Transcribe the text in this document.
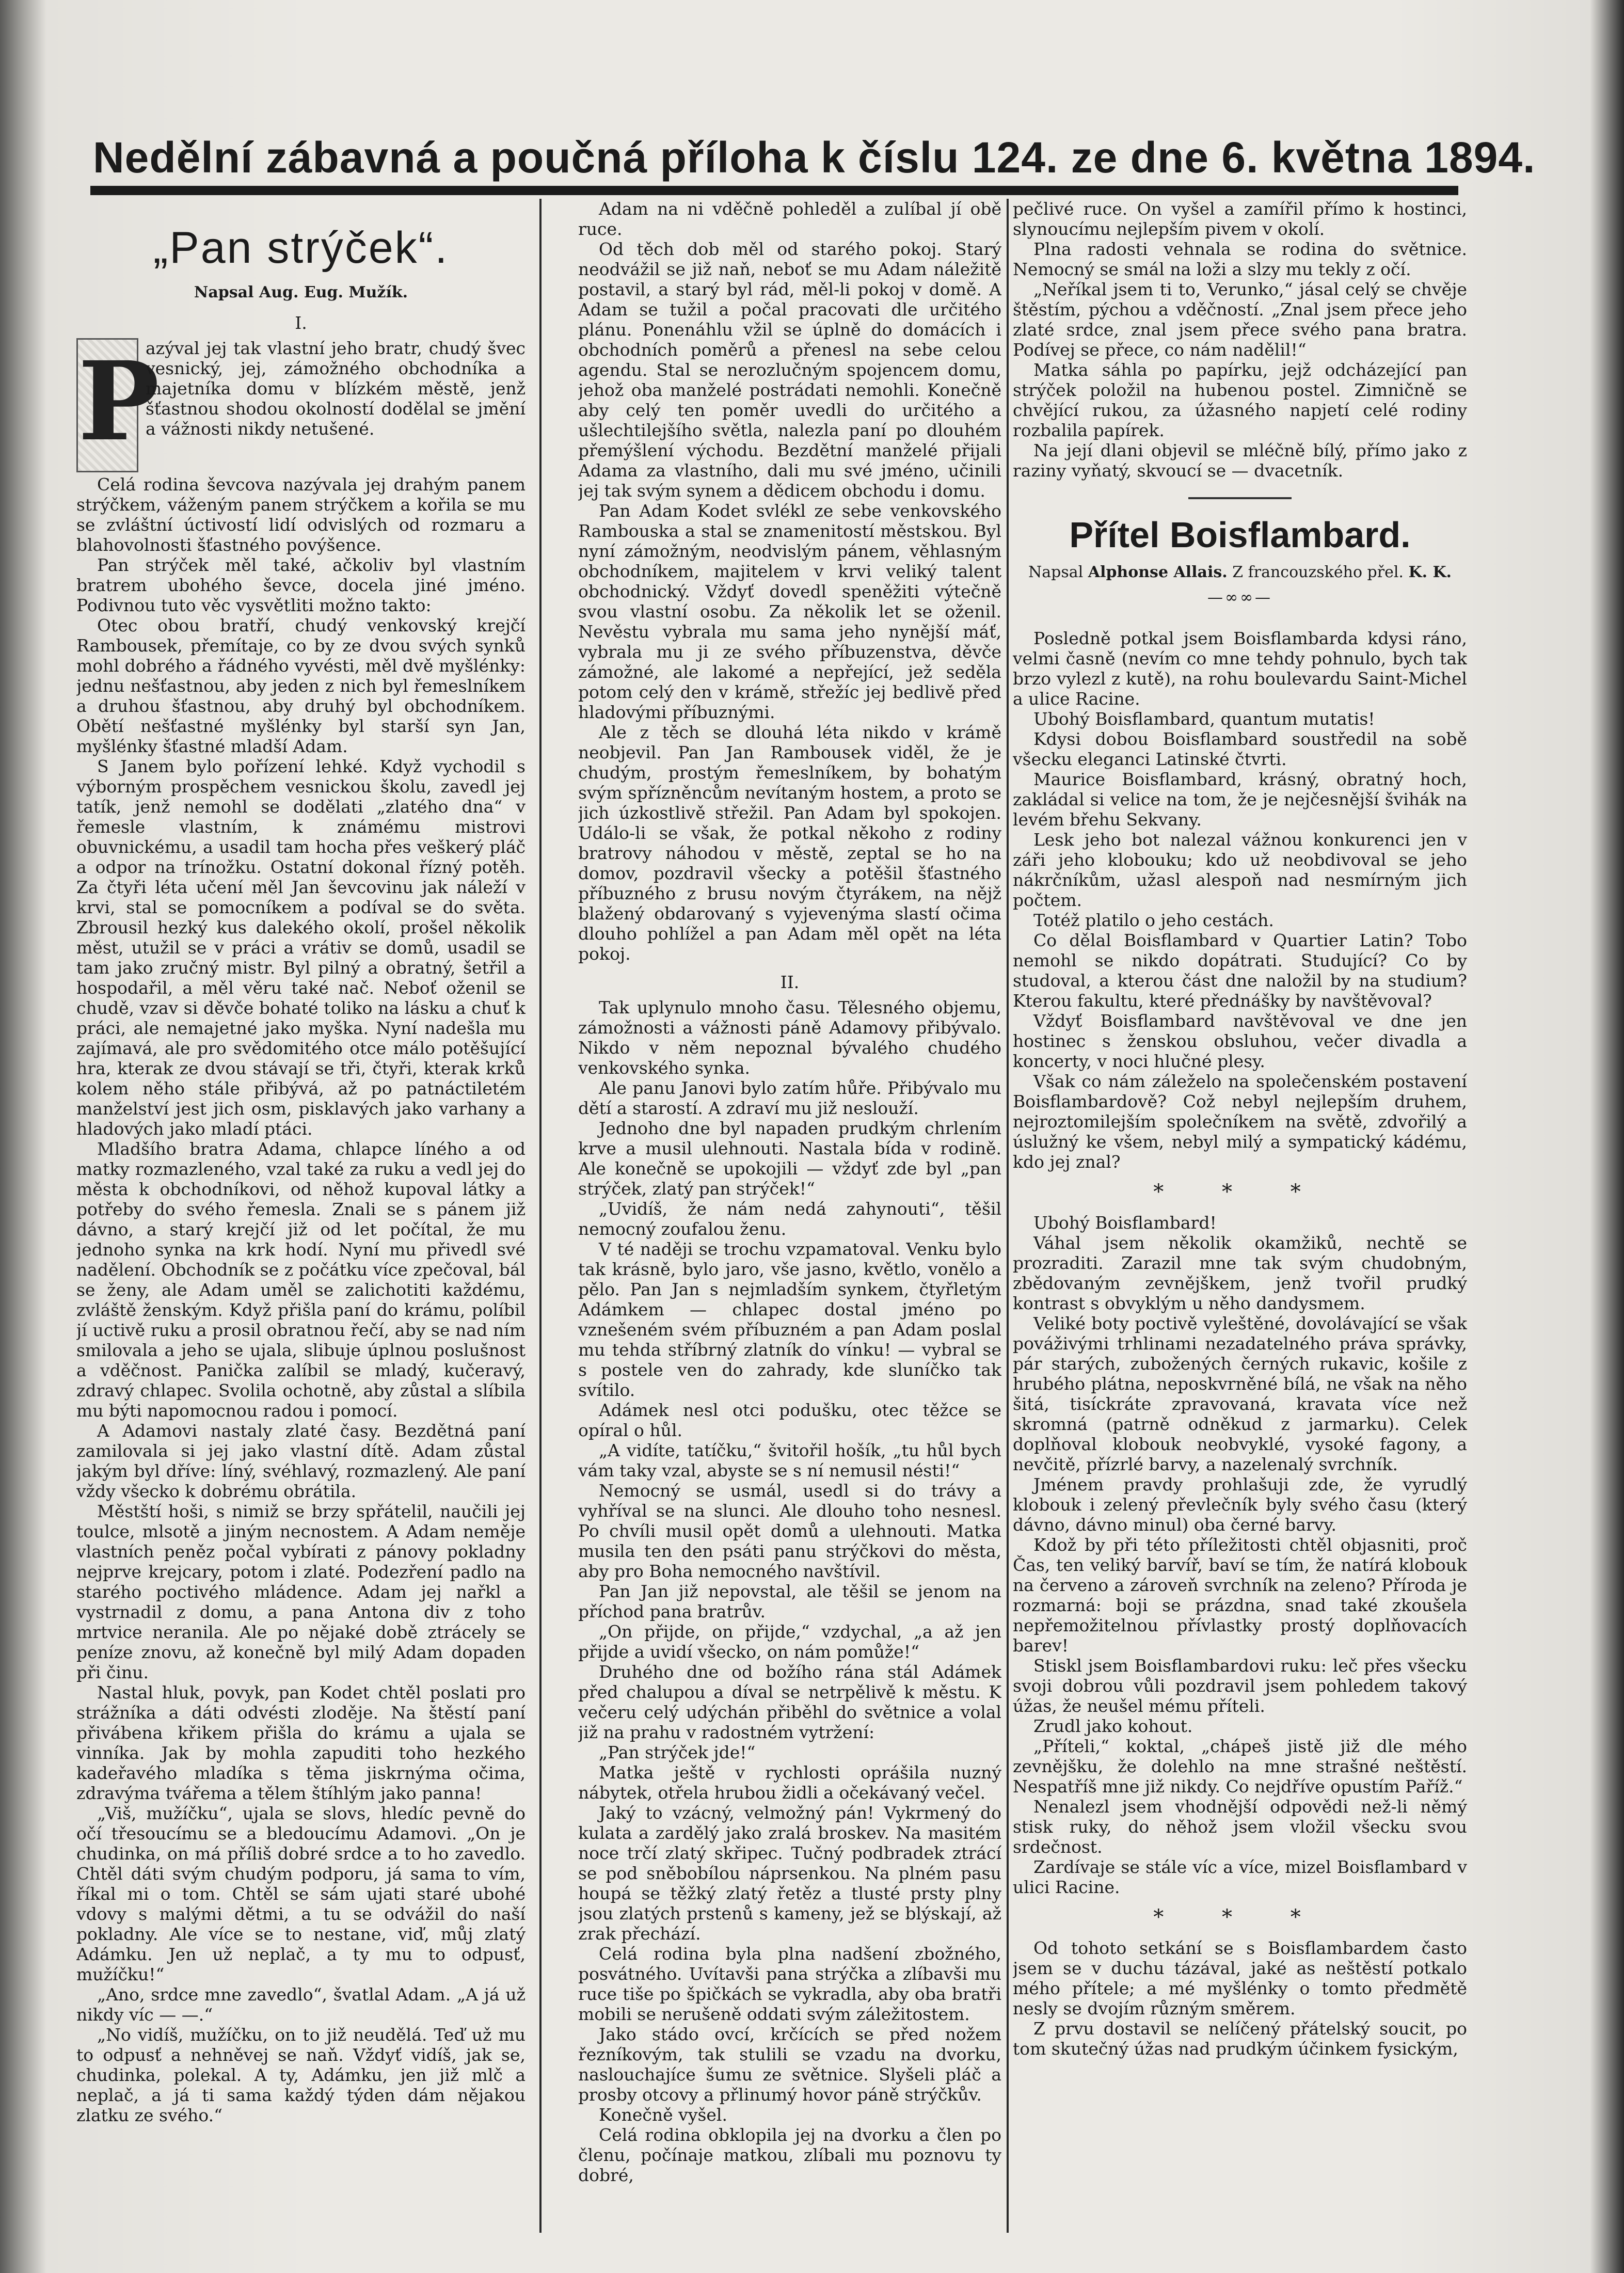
Nedělní zábavná a poučná příloha k číslu 124. ze dne 6. května 1894.
„Pan strýček“.
Napsal Aug. Eug. Mužík.
I.
P
azýval jej tak vlastní jeho bratr, chudý švec vesnický, jej, zámožného obchodníka a majetníka domu v blízkém městě, jenž šťastnou shodou okolností dodělal se jmění a vážnosti nikdy netušené.

Celá rodina ševcova nazývala jej drahým panem strýčkem, váženým panem strýčkem a kořila se mu se zvláštní úctivostí lidí odvislých od rozmaru a blahovolnosti šťastného povýšence.

Pan strýček měl také, ačkoliv byl vlastním bratrem ubohého ševce, docela jiné jméno. Podivnou tuto věc vysvětliti možno takto:

Otec obou bratří, chudý venkovský krejčí Rambousek, přemítaje, co by ze dvou svých synků mohl dobrého a řádného vyvésti, měl dvě myšlénky: jednu nešťastnou, aby jeden z nich byl řemeslníkem a druhou šťastnou, aby druhý byl obchodníkem. Obětí nešťastné myšlénky byl starší syn Jan, myšlénky šťastné mladší Adam.

S Janem bylo pořízení lehké. Když vychodil s výborným prospěchem vesnickou školu, zavedl jej tatík, jenž nemohl se dodělati „zlatého dna“ v řemesle vlastním, k známému mistrovi obuvnickému, a usadil tam hocha přes veškerý pláč a odpor na trínožku. Ostatní dokonal řízný potěh. Za čtyři léta učení měl Jan ševcovinu jak náleží v krvi, stal se pomocníkem a podíval se do světa. Zbrousil hezký kus dalekého okolí, prošel několik měst, utužil se v práci a vrátiv se domů, usadil se tam jako zručný mistr. Byl pilný a obratný, šetřil a hospodařil, a měl věru také nač. Neboť oženil se chudě, vzav si děvče bohaté toliko na lásku a chuť k práci, ale nemajetné jako myška. Nyní nadešla mu zajímavá, ale pro svědomitého otce málo potěšující hra, kterak ze dvou stávají se tři, čtyři, kterak krků kolem něho stále přibývá, až po patnáctiletém manželství jest jich osm, pisklavých jako varhany a hladových jako mladí ptáci.

Mladšího bratra Adama, chlapce líného a od matky rozmazleného, vzal také za ruku a vedl jej do města k obchodníkovi, od něhož kupoval látky a potřeby do svého řemesla. Znali se s pánem již dávno, a starý krejčí již od let počítal, že mu jednoho synka na krk hodí. Nyní mu přivedl své nadělení. Obchodník se z počátku více zpečoval, bál se ženy, ale Adam uměl se zalichotiti každému, zvláště ženským. Když přišla paní do krámu, políbil jí uctivě ruku a prosil obratnou řečí, aby se nad ním smilovala a jeho se ujala, slibuje úplnou poslušnost a vděčnost. Panička zalíbil se mladý, kučeravý, zdravý chlapec. Svolila ochotně, aby zůstal a slíbila mu býti napomocnou radou i pomocí.

A Adamovi nastaly zlaté časy. Bezdětná paní zamilovala si jej jako vlastní dítě. Adam zůstal jakým byl dříve: líný, svéhlavý, rozmazlený. Ale paní vždy všecko k dobrému obrátila.

Městští hoši, s nimiž se brzy spřátelil, naučili jej toulce, mlsotě a jiným necnostem. A Adam neměje vlastních peněz počal vybírati z pánovy pokladny nejprve krejcary, potom i zlaté. Podezření padlo na starého poctivého mládence. Adam jej nařkl a vystrnadil z domu, a pana Antona div z toho mrtvice neranila. Ale po nějaké době ztrácely se peníze znovu, až konečně byl milý Adam dopaden při činu.

Nastal hluk, povyk, pan Kodet chtěl poslati pro strážníka a dáti odvésti zloděje. Na štěstí paní přivábena křikem přišla do krámu a ujala se vinníka. Jak by mohla zapuditi toho hezkého kadeřavého mladíka s těma jiskrnýma očima, zdravýma tvářema a tělem štíhlým jako panna!

„Viš, mužíčku“, ujala se slovs, hledíc pevně do očí třesoucímu se a bledoucímu Adamovi. „On je chudinka, on má příliš dobré srdce a to ho zavedlo. Chtěl dáti svým chudým podporu, já sama to vím, říkal mi o tom. Chtěl se sám ujati staré ubohé vdovy s malými dětmi, a tu se odvážil do naší pokladny. Ale více se to nestane, viď, můj zlatý Adámku. Jen už neplač, a ty mu to odpusť, mužíčku!“

„Ano, srdce mne zavedlo“, švatlal Adam. „A já už nikdy víc — —.“

„No vidíš, mužíčku, on to již neudělá. Teď už mu to odpusť a nehněvej se naň. Vždyť vidíš, jak se, chudinka, polekal. A ty, Adámku, jen již mlč a neplač, a já ti sama každý týden dám nějakou zlatku ze svého.“

Adam na ni vděčně pohleděl a zulíbal jí obě ruce.

Od těch dob měl od starého pokoj. Starý neodvážil se již naň, neboť se mu Adam náležitě postavil, a starý byl rád, měl-li pokoj v domě. A Adam se tužil a počal pracovati dle určitého plánu. Ponenáhlu vžil se úplně do domácích i obchodních poměrů a přenesl na sebe celou agendu. Stal se nerozlučným spojencem domu, jehož oba manželé postrádati nemohli. Konečně aby celý ten poměr uvedli do určitého a ušlechtilejšího světla, nalezla paní po dlouhém přemýšlení východu. Bezdětní manželé přijali Adama za vlastního, dali mu své jméno, učinili jej tak svým synem a dědicem obchodu i domu.

Pan Adam Kodet svlékl ze sebe venkovského Rambouska a stal se znamenitostí městskou. Byl nyní zámožným, neodvislým pánem, věhlasným obchodníkem, majitelem v krvi veliký talent obchodnický. Vždyť dovedl speněžiti výtečně svou vlastní osobu. Za několik let se oženil. Nevěstu vybrala mu sama jeho nynější máť, vybrala mu ji ze svého příbuzenstva, děvče zámožné, ale lakomé a nepřející, jež seděla potom celý den v krámě, střežíc jej bedlivě před hladovými příbuznými.

Ale z těch se dlouhá léta nikdo v krámě neobjevil. Pan Jan Rambousek viděl, že je chudým, prostým řemeslníkem, by bohatým svým spřízněncům nevítaným hostem, a proto se jich úzkostlivě střežil. Pan Adam byl spokojen. Událo-li se však, že potkal někoho z rodiny bratrovy náhodou v městě, zeptal se ho na domov, pozdravil všecky a potěšil šťastného příbuzného z brusu novým čtyrákem, na nějž blažený obdarovaný s vyjevenýma slastí očima dlouho pohlížel a pan Adam měl opět na léta pokoj.

II.

Tak uplynulo mnoho času. Tělesného objemu, zámožnosti a vážnosti páně Adamovy přibývalo. Nikdo v něm nepoznal bývalého chudého venkovského synka.

Ale panu Janovi bylo zatím hůře. Přibývalo mu dětí a starostí. A zdraví mu již neslouží.

Jednoho dne byl napaden prudkým chrlením krve a musil ulehnouti. Nastala bída v rodině. Ale konečně se upokojili — vždyť zde byl „pan strýček, zlatý pan strýček!“

„Uvidíš, že nám nedá zahynouti“, těšil nemocný zoufalou ženu.

V té naději se trochu vzpamatoval. Venku bylo tak krásně, bylo jaro, vše jasno, květlo, vonělo a pělo. Pan Jan s nejmladším synkem, čtyřletým Adámkem — chlapec dostal jméno po vznešeném svém příbuzném a pan Adam poslal mu tehda stříbrný zlatník do vínku! — vybral se s postele ven do zahrady, kde sluníčko tak svítilo.

Adámek nesl otci podušku, otec těžce se opíral o hůl.

„A vidíte, tatíčku,“ švitořil hošík, „tu hůl bych vám taky vzal, abyste se s ní nemusil nésti!“

Nemocný se usmál, usedl si do trávy a vyhříval se na slunci. Ale dlouho toho nesnesl. Po chvíli musil opět domů a ulehnouti. Matka musila ten den psáti panu strýčkovi do města, aby pro Boha nemocného navštívil.

Pan Jan již nepovstal, ale těšil se jenom na příchod pana bratrův.

„On přijde, on přijde,“ vzdychal, „a až jen přijde a uvidí všecko, on nám pomůže!“

Druhého dne od božího rána stál Adámek před chalupou a díval se netrpělivě k městu. K večeru celý udýchán přiběhl do světnice a volal již na prahu v radostném vytržení:

„Pan strýček jde!“

Matka ještě v rychlosti oprášila nuzný nábytek, otřela hrubou židli a očekávaný večel.

Jaký to vzácný, velmožný pán! Vykrmený do kulata a zardělý jako zralá broskev. Na masitém noce trčí zlatý skřipec. Tučný podbradek ztrácí se pod sněbobílou náprsenkou. Na plném pasu houpá se těžký zlatý řetěz a tlusté prsty plny jsou zlatých prstenů s kameny, jež se blýskají, až zrak přechází.

Celá rodina byla plna nadšení zbožného, posvátného. Uvítavši pana strýčka a zlíbavši mu ruce tiše po špičkách se vykradla, aby oba bratři mobili se nerušeně oddati svým záležitostem.

Jako stádo ovcí, krčících se před nožem řezníkovým, tak stulili se vzadu na dvorku, naslouchajíce šumu ze světnice. Slyšeli pláč a prosby otcovy a přlinumý hovor páně strýčkův.

Konečně vyšel.

Celá rodina obklopila jej na dvorku a člen po členu, počínaje matkou, zlíbali mu poznovu ty dobré,

pečlivé ruce. On vyšel a zamířil přímo k hostinci, slynoucímu nejlepším pivem v okolí.

Plna radosti vehnala se rodina do světnice. Nemocný se smál na loži a slzy mu tekly z očí.

„Neříkal jsem ti to, Verunko,“ jásal celý se chvěje štěstím, pýchou a vděčností. „Znal jsem přece jeho zlaté srdce, znal jsem přece svého pana bratra. Podívej se přece, co nám nadělil!“

Matka sáhla po papírku, jejž odcházející pan strýček položil na hubenou postel. Zimničně se chvějící rukou, za úžasného napjetí celé rodiny rozbalila papírek.

Na její dlani objevil se mléčně bílý, přímo jako z raziny vyňatý, skvoucí se — dvacetník.

Přítel Boisflambard.
Napsal Alphonse Allais. Z francouzského přel. K. K.
—∞∞—

Posledně potkal jsem Boisflambarda kdysi ráno, velmi časně (nevím co mne tehdy pohnulo, bych tak brzo vylezl z kutě), na rohu boulevardu Saint-Michel a ulice Racine.

Ubohý Boisflambard, quantum mutatis!

Kdysi dobou Boisflambard soustředil na sobě všecku eleganci Latinské čtvrti.

Maurice Boisflambard, krásný, obratný hoch, zakládal si velice na tom, že je nejčesnější švihák na levém břehu Sekvany.

Lesk jeho bot nalezal vážnou konkurenci jen v záři jeho klobouku; kdo už neobdivoval se jeho nákrčníkům, užasl alespoň nad nesmírným jich počtem.

Totéž platilo o jeho cestách.

Co dělal Boisflambard v Quartier Latin? Tobo nemohl se nikdo dopátrati. Studující? Co by studoval, a kterou část dne naložil by na studium? Kterou fakultu, které přednášky by navštěvoval?

Vždyť Boisflambard navštěvoval ve dne jen hostinec s ženskou obsluhou, večer divadla a koncerty, v noci hlučné plesy.

Však co nám záleželo na společenském postavení Boisflambardově? Což nebyl nejlepším druhem, nejroztomilejším společníkem na světě, zdvořilý a úslužný ke všem, nebyl milý a sympatický kádému, kdo jej znal?

* * *

Ubohý Boisflambard!

Váhal jsem několik okamžiků, nechtě se prozraditi. Zarazil mne tak svým chudobným, zbědovaným zevnějškem, jenž tvořil prudký kontrast s obvyklým u něho dandysmem.

Veliké boty poctivě vyleštěné, dovolávající se však pováživými trhlinami nezadatelného práva správky, pár starých, zubožených černých rukavic, košile z hrubého plátna, neposkvrněné bílá, ne však na něho šitá, tisíckráte zpravovaná, kravata více než skromná (patrně odněkud z jarmarku). Celek doplňoval klobouk neobvyklé, vysoké fagony, a nevčitě, přízrlé barvy, a nazelenalý svrchník.

Jménem pravdy prohlašuji zde, že vyrudlý klobouk i zelený převlečník byly svého času (který dávno, dávno minul) oba černé barvy.

Kdož by při této příležitosti chtěl objasniti, proč Čas, ten veliký barvíř, baví se tím, že natírá klobouk na červeno a zároveň svrchník na zeleno? Příroda je rozmarná: boji se prázdna, snad také zkoušela nepřemožitelnou přívlastky prostý doplňovacích barev!

Stiskl jsem Boisflambardovi ruku: leč přes všecku svoji dobrou vůli pozdravil jsem pohledem takový úžas, že neušel mému příteli.

Zrudl jako kohout.

„Příteli,“ koktal, „chápeš jistě již dle mého zevnějšku, že dolehlo na mne strašné neštěstí. Nespatříš mne již nikdy. Co nejdříve opustím Paříž.“

Nenalezl jsem vhodnější odpovědi než-li němý stisk ruky, do něhož jsem vložil všecku svou srdečnost.

Zardívaje se stále víc a více, mizel Boisflambard v ulici Racine.

* * *

Od tohoto setkání se s Boisflambardem často jsem se v duchu tázával, jaké as neštěstí potkalo mého přítele; a mé myšlénky o tomto předmětě nesly se dvojím různým směrem.

Z prvu dostavil se nelíčený přátelský soucit, po tom skutečný úžas nad prudkým účinkem fysickým,
